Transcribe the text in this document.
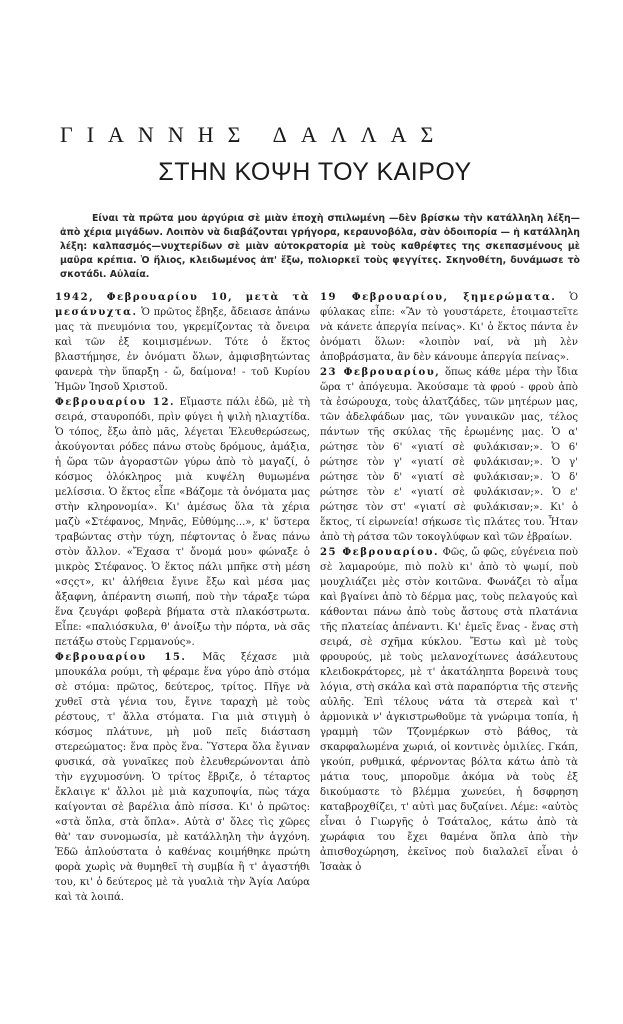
ΓΙΑΝΝΗΣ ΔΑΛΛΑΣ
ΣΤΗΝ ΚΟΨΗ ΤΟΥ ΚΑΙΡΟΥ

Είναι τὰ πρῶτα μου ἀργύρια σὲ μιὰν ἐποχὴ σπιλωμένη —δὲν βρίσκω τὴν κατάλληλη λέξη— ἀπὸ χέρια μιγάδων. Λοιπὸν νὰ διαβάζονται γρήγορα, κεραυνοβόλα, σὰν ὁδοιπορία — ἡ κατάλληλη λέξη: καλπασμός—νυχτερίδων σὲ μιὰν αὐτοκρατορία μὲ τοὺς καθρέφτες της σκεπασμένους μὲ μαῦρα κρέπια. Ὁ ἥλιος, κλειδωμένος ἀπ' ἔξω, πολιορκεῖ τοὺς φεγγίτες. Σκηνοθέτη, δυνάμωσε τὸ σκοτάδι. Αὐλαία.

1942, Φεβρουαρίου 10, μετὰ τὰ μεσάνυχτα. Ὁ πρῶτος ἔβηξε, ἄδειασε ἀπάνω μας τὰ πνευμόνια του, γκρεμίζοντας τὰ ὄνειρα καὶ τῶν ἐξ κοιμισμένων. Τότε ὁ ἕκτος βλαστήμησε, ἐν ὀνόματι ὅλων, ἀμφισβητώντας φανερὰ τὴν ὕπαρξη - ὤ, δαίμονα! - τοῦ Κυρίου Ἡμῶν Ἰησοῦ Χριστοῦ.

Φεβρουαρίου 12. Εἴμαστε πάλι ἐδῶ, μὲ τὴ σειρά, σταυροπόδι, πρὶν φύγει ἡ ψιλὴ ηλιαχτίδα. Ὁ τόπος, ἔξω ἀπὸ μᾶς, λέγεται Ἐλευθερώσεως, ἀκούγονται ρόδες πάνω στοὺς δρόμους, ἁμάξια, ἡ ὥρα τῶν ἀγοραστῶν γύρω ἀπὸ τὸ μαγαζί, ὁ κόσμος ὁλόκληρος μιὰ κυψέλη θυμωμένα μελίσσια. Ὁ ἕκτος εἶπε «Βάζομε τὰ ὀνόματα μας στὴν κληρονομία». Κι' ἀμέσως ὅλα τὰ χέρια μαζὺ «Στέφανος, Μηνᾶς, Εὐθύμης...», κ' ὕστερα τραβώντας στὴν τύχη, πέφτοντας ὁ ἕνας πάνω στὸν ἄλλον. «Ἔχασα τ' ὄνομά μου» φώναξε ὁ μικρὸς Στέφανος. Ὁ ἕκτος πάλι μπῆκε στὴ μέση «σςςτ», κι' ἀλήθεια ἔγινε ἔξω καὶ μέσα μας ἄξαφνη, ἀπέραντη σιωπή, ποὺ τὴν τάραξε τώρα ἕνα ζευγάρι φοβερὰ βήματα στὰ πλακόστρωτα. Εἶπε: «παλιόσκυλα, θ' ἀνοίξω τὴν πόρτα, νὰ σᾶς πετάξω στοὺς Γερμανούς».

Φεβρουαρίου 15. Μᾶς ξέχασε μιὰ μπουκάλα ρούμι, τὴ φέραμε ἕνα γύρο ἀπὸ στόμα σὲ στόμα: πρῶτος, δεύτερος, τρίτος. Πῆγε νὰ χυθεῖ στὰ γένια του, ἔγινε ταραχὴ μὲ τοὺς ρέστους, τ' ἄλλα στόματα. Για μιὰ στιγμὴ ὁ κόσμος πλάτυνε, μὴ μοῦ πεῖς διάσταση στερεώματος: ἕνα πρὸς ἕνα. Ὕστερα ὅλα ἔγιναν φυσικά, σὰ γυναῖκες ποὺ ἐλευθερώνονται ἀπὸ τὴν εγχυμοσύνη. Ὁ τρίτος ἔβριζε, ὁ τέταρτος ἔκλαιγε κ' ἄλλοι μὲ μιὰ καχυποψία, πὼς τάχα καίγονται σὲ βαρέλια ἀπὸ πίσσα. Κι' ὁ πρῶτος: «στὰ ὅπλα, στὰ ὅπλα». Αὐτὰ σ' ὅλες τὶς χῶρες θὰ' ταν συνομωσία, μὲ κατάλληλη τὴν ἀγχόνη. Ἐδῶ ἁπλούστατα ὁ καθένας κοιμήθηκε πρώτη φορὰ χωρὶς νὰ θυμηθεῖ τὴ συμβία ἢ τ' ἀγαστήθι του, κι' ὁ δεύτερος μὲ τὰ γυαλιὰ τὴν Ἁγία Λαύρα καὶ τὰ λοιπά.

19 Φεβρουαρίου, ξημερώματα. Ὁ φύλακας εἶπε: «Ἂν τὸ γουστάρετε, ἑτοιμαστεῖτε νὰ κάνετε ἀπεργία πείνας». Κι' ὁ ἕκτος πάντα ἐν ὀνόματι ὅλων: «λοιπὸν ναί, νὰ μὴ λὲν ἀποβράσματα, ἂν δὲν κάνουμε ἀπεργία πείνας».

23 Φεβρουαρίου, ὅπως κάθε μέρα τὴν ἴδια ὥρα τ' ἀπόγευμα. Ἀκούσαμε τὰ φρού - φροὺ ἀπὸ τὰ ἐσώρουχα, τοὺς ἀλατζάδες, τῶν μητέρων μας, τῶν ἀδελφάδων μας, τῶν γυναικῶν μας, τέλος πάντων τῆς σκύλας τῆς ἐρωμένης μας. Ὁ α' ρώτησε τὸν 6' «γιατί σὲ φυλάκισαν;». Ὁ 6' ρώτησε τὸν γ' «γιατί σὲ φυλάκισαν;». Ὁ γ' ρώτησε τὸν δ' «γιατί σὲ φυλάκισαν;». Ὁ δ' ρώτησε τὸν ε' «γιατί σὲ φυλάκισαν;». Ὁ ε' ρώτησε τὸν στ' «γιατί σὲ φυλάκισαν;». Κι' ὁ ἕκτος, τί εἰρωνεία! σήκωσε τὶς πλάτες του. Ἦταν ἀπὸ τὴ ράτσα τῶν τοκογλύφων καὶ τῶν ἑβραίων.

25 Φεβρουαρίου. Φῶς, ὤ φῶς, εὐγένεια ποὺ σὲ λαμαρούμε, πιὸ πολὺ κι' ἀπὸ τὸ ψωμί, ποὺ μουχλιάζει μὲς στὸν κοιτῶνα. Φωνάζει τὸ αἷμα καὶ βγαίνει ἀπὸ τὸ δέρμα μας, τοὺς πελαγούς καὶ κάθονται πάνω ἀπὸ τοὺς ἄστους στὰ πλατάνια τῆς πλατείας ἀπέναντι. Κι' ἐμεῖς ἕνας - ἕνας στὴ σειρά, σὲ σχῆμα κύκλου. Ἔστω καὶ μὲ τοὺς φρουρούς, μὲ τοὺς μελανοχίτωνες ἀσάλευτους κλειδοκράτορες, μὲ τ' ἀκατάληπτα βορεινὰ τους λόγια, στὴ σκάλα καὶ στὰ παραπόρτια τῆς στενῆς αὐλῆς. Ἐπὶ τέλους νάτα τὰ στερεὰ καὶ τ' ἁρμονικὰ ν' ἀγκιστρωθοῦμε τὰ γνώριμα τοπία, ἡ γραμμὴ τῶν Τζονμέρκων στὸ βάθος, τὰ σκαρφαλωμένα χωριά, οἱ κοντινὲς ὁμιλίες. Γκάπ, γκούπ, ρυθμικά, φέρνοντας βόλτα κάτω ἀπὸ τὰ μάτια τους, μποροῦμε ἀκόμα νὰ τοὺς ἐξ δικούμαστε τὸ βλέμμα χωνεύει, ἡ δσφρηση καταβροχθίζει, τ' αὐτὶ μας δυζαίνει. Λέμε: «αὐτὸς εἶναι ὁ Γιωργῆς ὁ Τσάταλος, κάτω ἀπὸ τὰ χωράφια του ἔχει θαμένα ὅπλα ἀπὸ τὴν ἀπισθοχώρηση, ἐκεῖνος ποὺ διαλαλεῖ εἶναι ὁ Ἰσαὰκ ὁ
